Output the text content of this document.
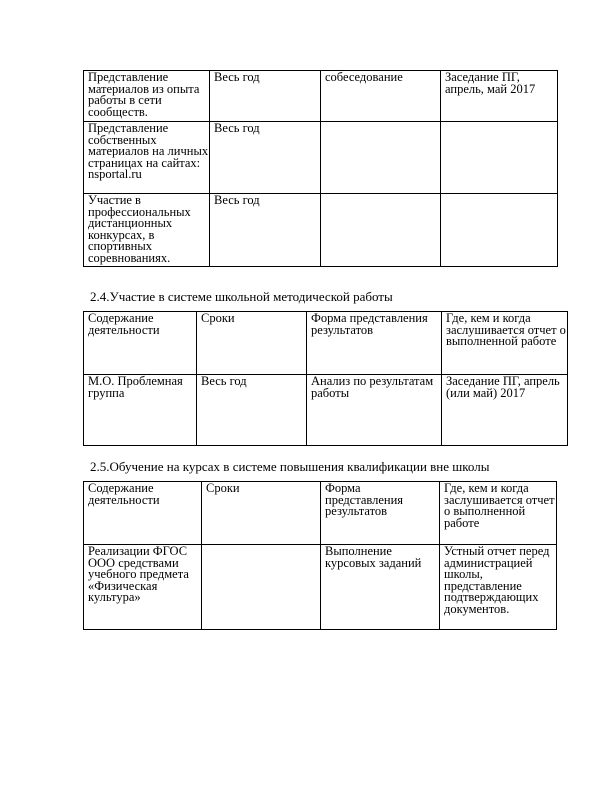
Представление материалов из опыта работы в сети сообществ.	Весь год	собеседование	Заседание ПГ, апрель, май 2017
Представление собственных материалов на личных страницах на сайтах: nsportal.ru	Весь год		
Участие в профессиональных дистанционных конкурсах, в спортивных соревнованиях.	Весь год		
2.4.Участие в системе школьной методической работы
Содержание деятельности	Сроки	Форма представления результатов	Где, кем и когда заслушивается отчет о выполненной работе
М.О. Проблемная группа	Весь год	Анализ по результатам работы	Заседание ПГ, апрель (или май) 2017
2.5.Обучение на курсах в системе повышения квалификации вне школы
Содержание деятельности	Сроки	Форма представления результатов	Где, кем и когда заслушивается отчет о выполненной работе
Реализации ФГОС ООО средствами учебного предмета «Физическая культура»		Выполнение курсовых заданий	Устный отчет перед администрацией школы, представление подтверждающих документов.
